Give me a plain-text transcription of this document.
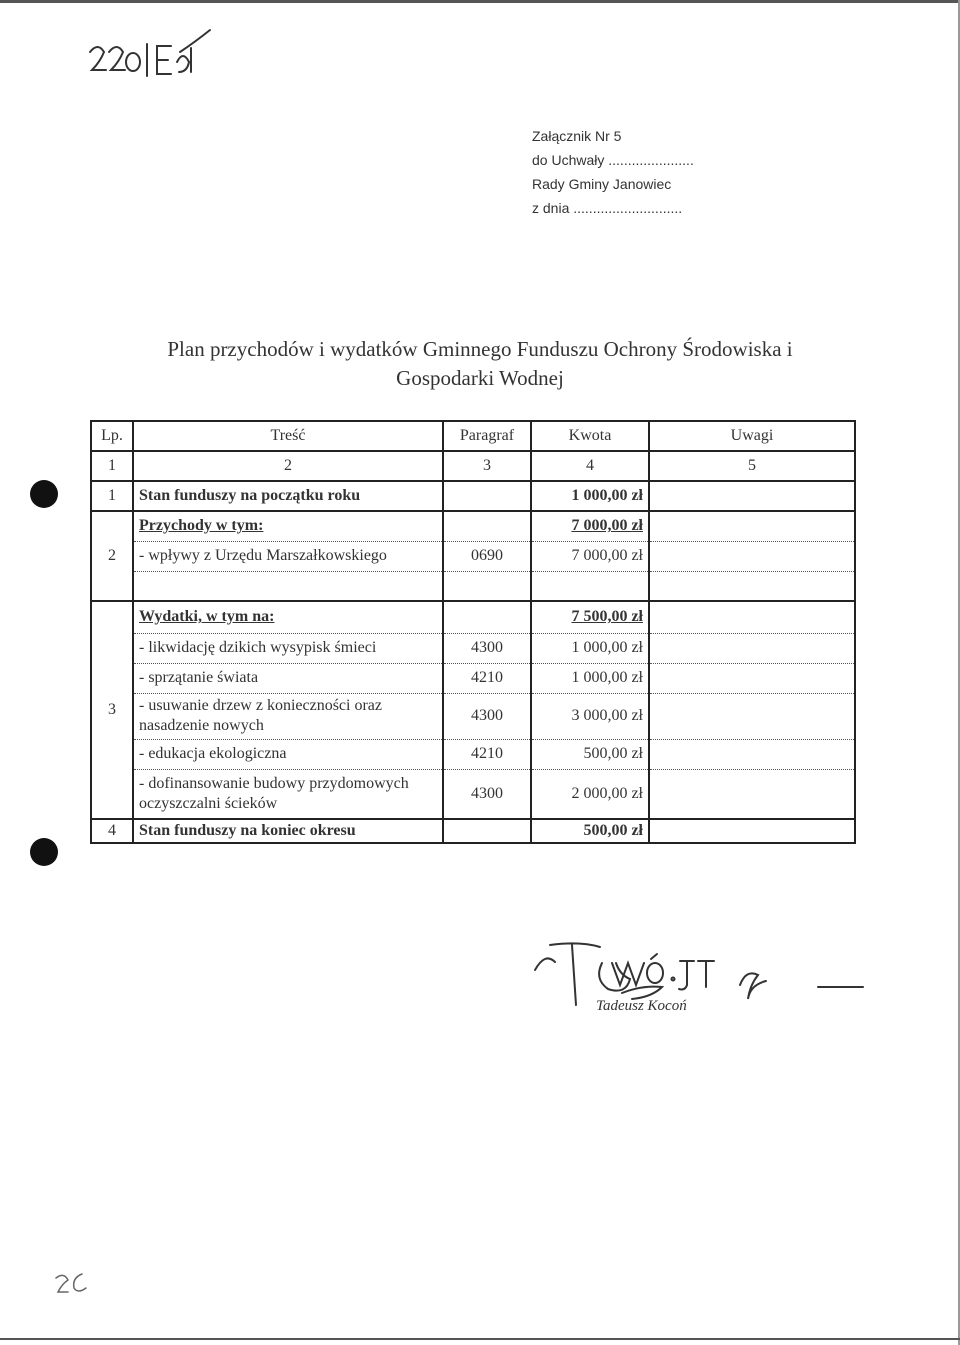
Załącznik Nr 5
do Uchwały ......................
Rady Gminy Janowiec
z dnia ............................
Plan przychodów i wydatków Gminnego Funduszu Ochrony Środowiska i
Gospodarki Wodnej
Lp.	Treść	Paragraf	Kwota	Uwagi
1	2	3	4	5
1	Stan funduszy na początku roku		1 000,00 zł	
2	Przychody w tym:		7 000,00 zł	
	- wpływy z Urzędu Marszałkowskiego	0690	7 000,00 zł	

3	Wydatki, w tym na:		7 500,00 zł	
	- likwidację dzikich wysypisk śmieci	4300	1 000,00 zł	
	- sprzątanie świata	4210	1 000,00 zł	
	- usuwanie drzew z konieczności oraz nasadzenie nowych	4300	3 000,00 zł	
	- edukacja ekologiczna	4210	500,00 zł	
	- dofinansowanie budowy przydomowych oczyszczalni ścieków	4300	2 000,00 zł	
4	Stan funduszy na koniec okresu		500,00 zł	
Tadeusz Kocoń
